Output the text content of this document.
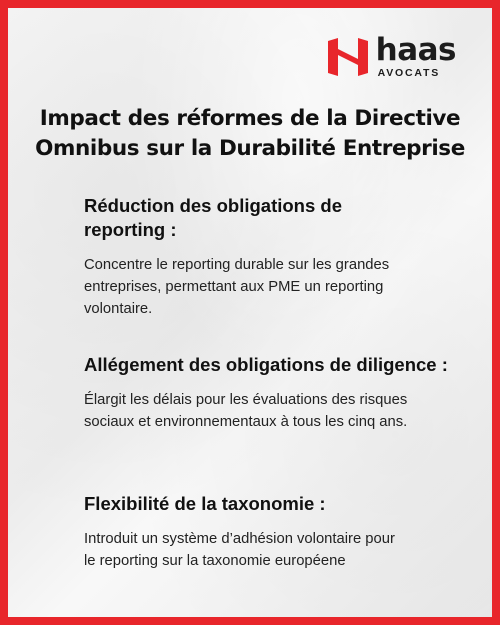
haas
AVOCATS
Impact des réformes de la Directive Omnibus sur la Durabilité Entreprise
Réduction des obligations de reporting :

Concentre le reporting durable sur les grandes entreprises, permettant aux PME un reporting volontaire.

Allégement des obligations de diligence :

Élargit les délais pour les évaluations des risques sociaux et environnementaux à tous les cinq ans.

Flexibilité de la taxonomie :

Introduit un système d’adhésion volontaire pour le reporting sur la taxonomie européene
